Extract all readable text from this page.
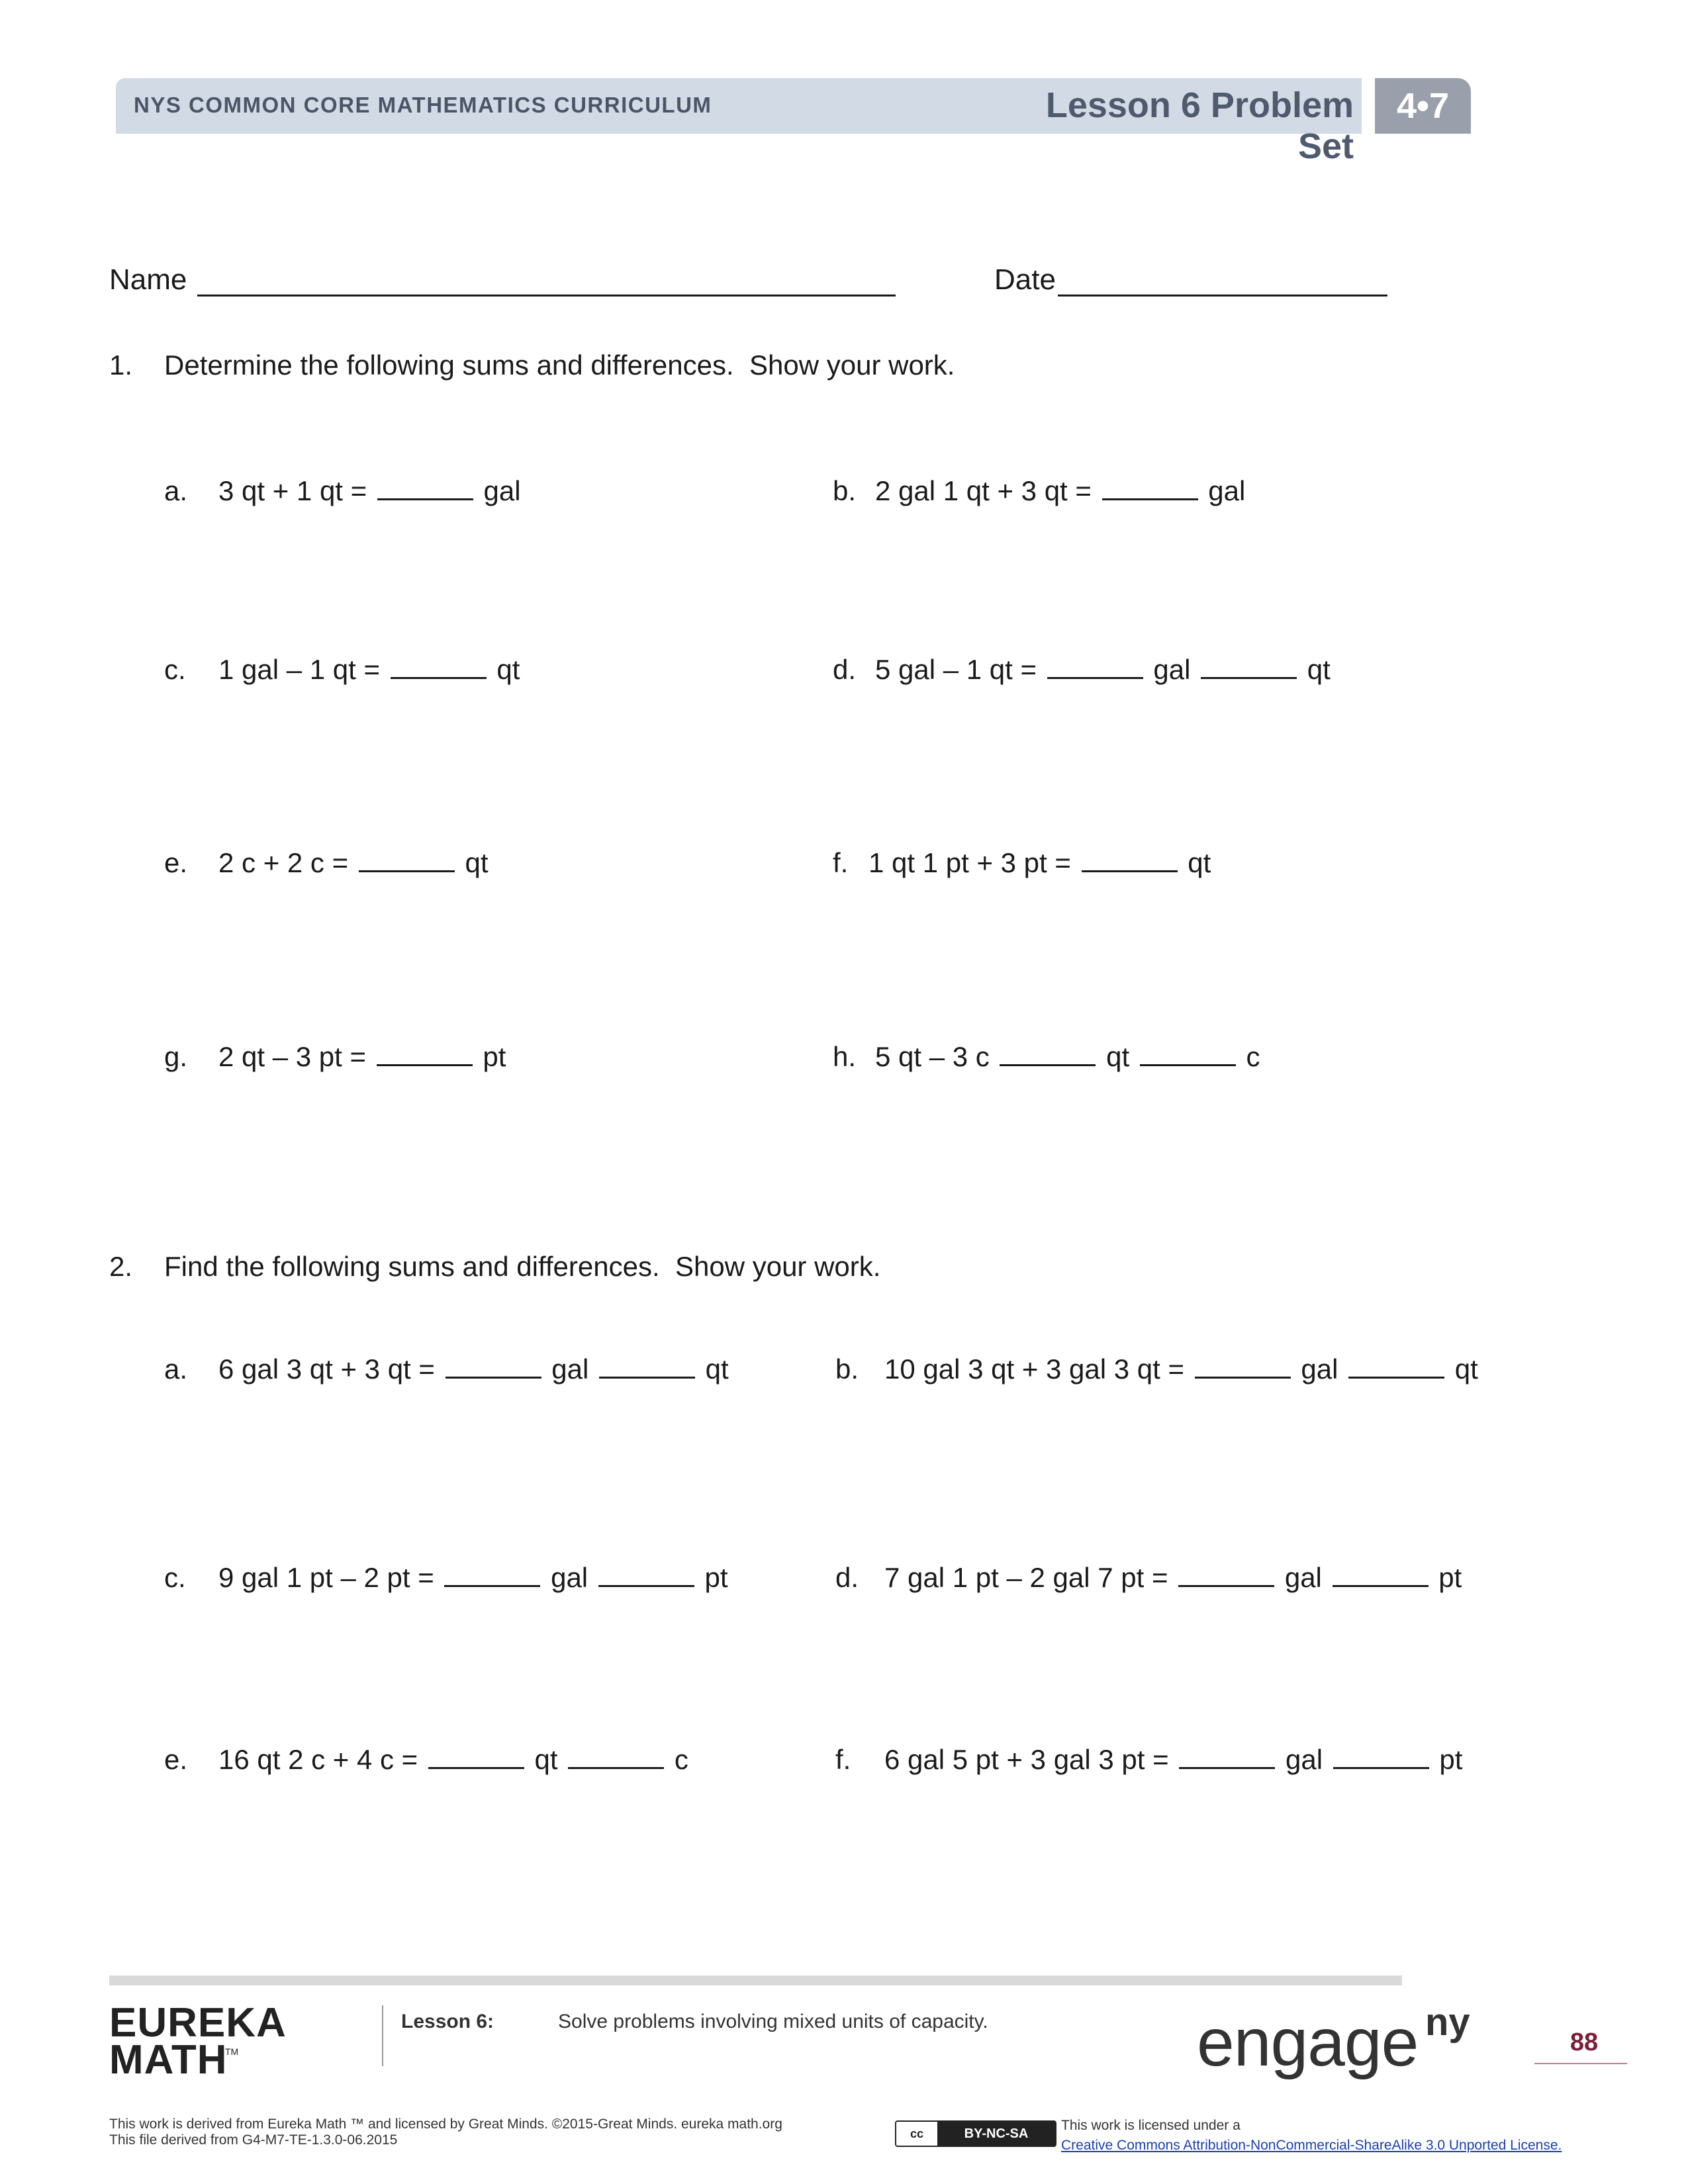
NYS COMMON CORE MATHEMATICS CURRICULUM	Lesson 6 Problem Set
4•7
Name	Date
1. Determine the following sums and differences.  Show your work.
a. 3 qt + 1 qt =	gal	b. 2 gal 1 qt + 3 qt =	gal
c. 1 gal – 1 qt =	qt	d. 5 gal – 1 qt =	gal	qt
e. 2 c + 2 c =	qt	f. 1 qt 1 pt + 3 pt =	qt
g. 2 qt – 3 pt =	pt	h. 5 qt – 3 c	qt	c
2. Find the following sums and differences.  Show your work.
a. 6 gal 3 qt + 3 qt =	gal	qt	b. 10 gal 3 qt + 3 gal 3 qt =	gal	qt
c. 9 gal 1 pt – 2 pt =	gal	pt	d. 7 gal 1 pt – 2 gal 7 pt =	gal	pt
e. 16 qt 2 c + 4 c =	qt	c	f. 6 gal 5 pt + 3 gal 3 pt =	gal	pt
EUREKA
MATH
TM
Lesson 6:	Solve problems involving mixed units of capacity.	engage ny	88
This work is derived from Eureka Math ™ and licensed by Great Minds. ©2015-Great Minds. eureka math.org
This file derived from G4-M7-TE-1.3.0-06.2015	cc	BY-NC-SA
This work is licensed under a
Creative Commons Attribution-NonCommercial-ShareAlike 3.0 Unported License.
